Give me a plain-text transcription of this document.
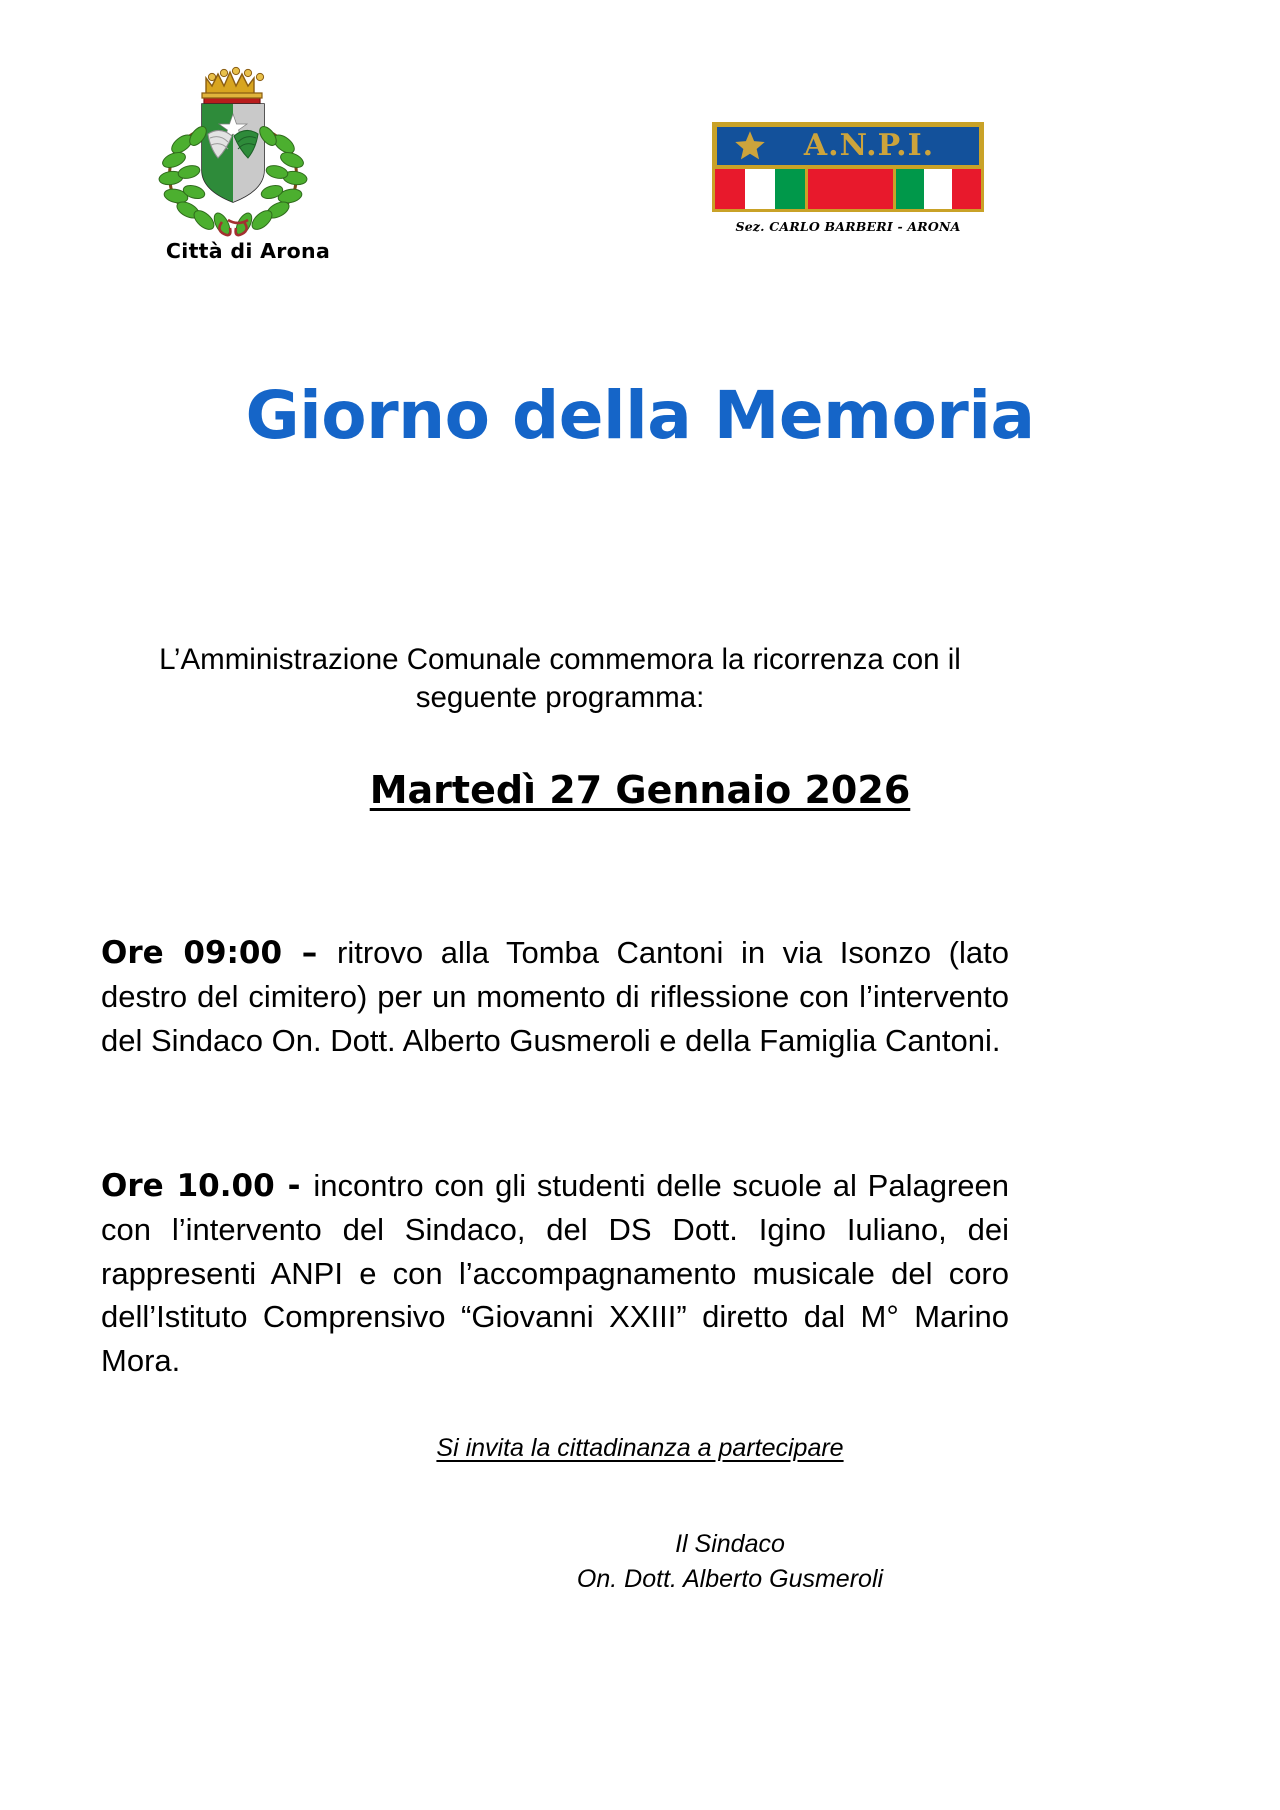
Città di Arona
A.N.P.I.
Sez. CARLO BARBERI - ARONA
Giorno della Memoria

L’Amministrazione Comunale commemora la ricorrenza con il seguente programma:

Martedì 27 Gennaio 2026

Ore 09:00 – ritrovo alla Tomba Cantoni in via Isonzo (lato destro del cimitero) per un momento di riflessione con l’intervento del Sindaco On. Dott. Alberto Gusmeroli e della Famiglia Cantoni.

Ore 10.00 - incontro con gli studenti delle scuole al Palagreen con l’intervento del Sindaco, del DS Dott. Igino Iuliano, dei rappresenti ANPI e con l’accompagnamento musicale del coro dell’Istituto Comprensivo “Giovanni XXIII” diretto dal M° Marino Mora.

Si invita la cittadinanza a partecipare
Il Sindaco
On. Dott. Alberto Gusmeroli
